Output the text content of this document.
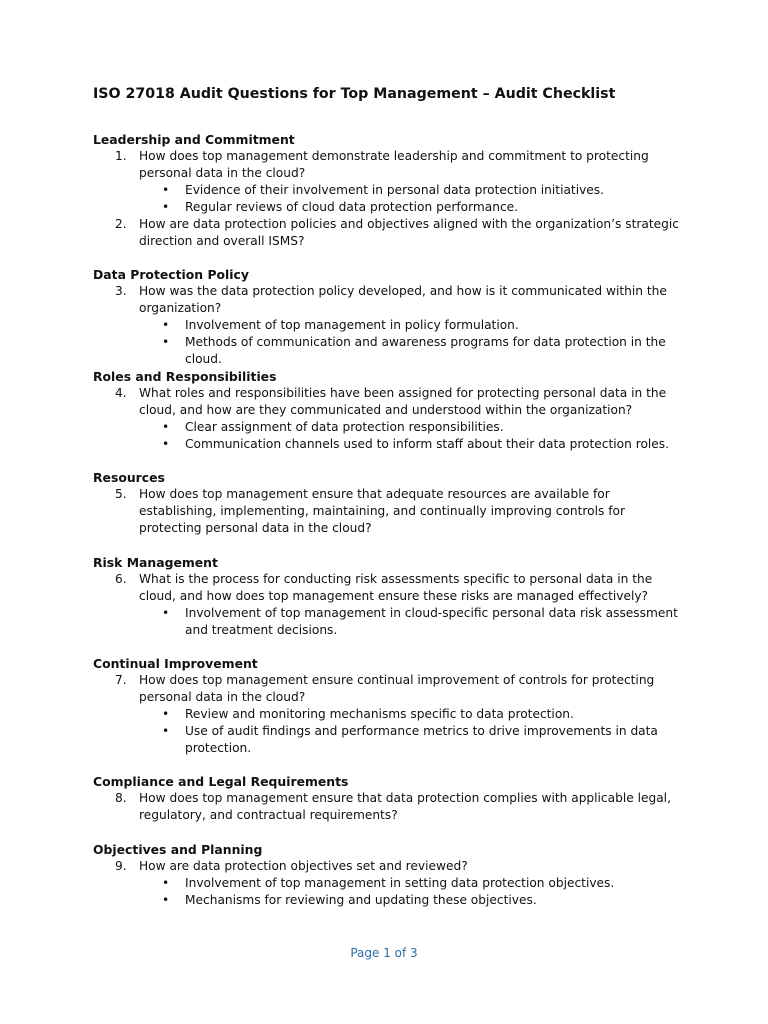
ISO 27018 Audit Questions for Top Management – Audit Checklist
Leadership and Commitment
1. How does top management demonstrate leadership and commitment to protecting personal data in the cloud?
• Evidence of their involvement in personal data protection initiatives.
• Regular reviews of cloud data protection performance.
2. How are data protection policies and objectives aligned with the organization’s strategic direction and overall ISMS?
Data Protection Policy
3. How was the data protection policy developed, and how is it communicated within the organization?
• Involvement of top management in policy formulation.
• Methods of communication and awareness programs for data protection in the cloud.
Roles and Responsibilities
4. What roles and responsibilities have been assigned for protecting personal data in the cloud, and how are they communicated and understood within the organization?
• Clear assignment of data protection responsibilities.
• Communication channels used to inform staff about their data protection roles.
Resources
5. How does top management ensure that adequate resources are available for establishing, implementing, maintaining, and continually improving controls for protecting personal data in the cloud?
Risk Management
6. What is the process for conducting risk assessments specific to personal data in the cloud, and how does top management ensure these risks are managed effectively?
• Involvement of top management in cloud-specific personal data risk assessment and treatment decisions.
Continual Improvement
7. How does top management ensure continual improvement of controls for protecting personal data in the cloud?
• Review and monitoring mechanisms specific to data protection.
• Use of audit findings and performance metrics to drive improvements in data protection.
Compliance and Legal Requirements
8. How does top management ensure that data protection complies with applicable legal, regulatory, and contractual requirements?
Objectives and Planning
9. How are data protection objectives set and reviewed?
• Involvement of top management in setting data protection objectives.
• Mechanisms for reviewing and updating these objectives.
Page 1 of 3
